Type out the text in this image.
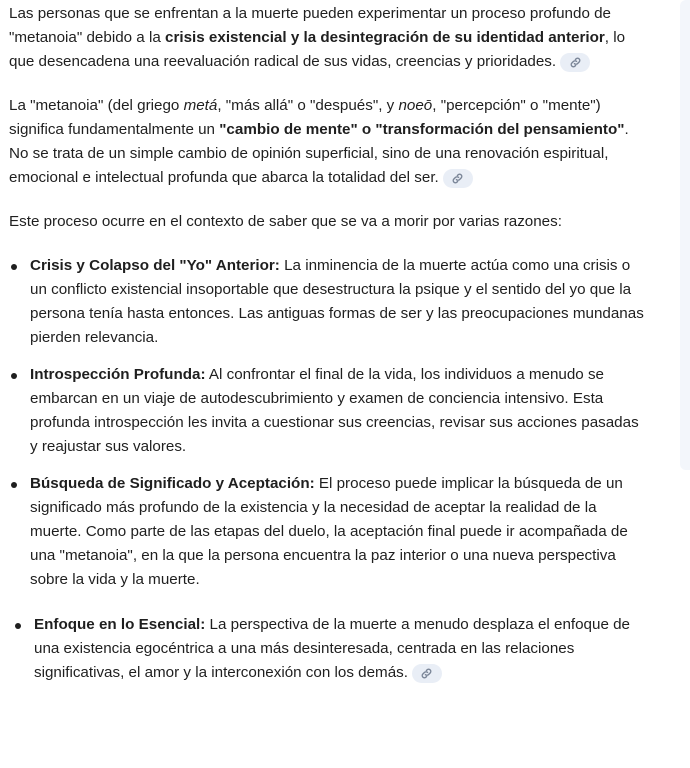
Las personas que se enfrentan a la muerte pueden experimentar un proceso profundo de "metanoia" debido a la crisis existencial y la desintegración de su identidad anterior, lo que desencadena una reevaluación radical de sus vidas, creencias y prioridades.

La "metanoia" (del griego metá, "más allá" o "después", y noeō, "percepción" o "mente") significa fundamentalmente un "cambio de mente" o "transformación del pensamiento". No se trata de un simple cambio de opinión superficial, sino de una renovación espiritual, emocional e intelectual profunda que abarca la totalidad del ser.

Este proceso ocurre en el contexto de saber que se va a morir por varias razones:

Crisis y Colapso del "Yo" Anterior: La inminencia de la muerte actúa como una crisis o un conflicto existencial insoportable que desestructura la psique y el sentido del yo que la persona tenía hasta entonces. Las antiguas formas de ser y las preocupaciones mundanas pierden relevancia.
Introspección Profunda: Al confrontar el final de la vida, los individuos a menudo se embarcan en un viaje de autodescubrimiento y examen de conciencia intensivo. Esta profunda introspección les invita a cuestionar sus creencias, revisar sus acciones pasadas y reajustar sus valores.
Búsqueda de Significado y Aceptación: El proceso puede implicar la búsqueda de un significado más profundo de la existencia y la necesidad de aceptar la realidad de la muerte. Como parte de las etapas del duelo, la aceptación final puede ir acompañada de una "metanoia", en la que la persona encuentra la paz interior o una nueva perspectiva sobre la vida y la muerte.
Enfoque en lo Esencial: La perspectiva de la muerte a menudo desplaza el enfoque de una existencia egocéntrica a una más desinteresada, centrada en las relaciones significativas, el amor y la interconexión con los demás.
